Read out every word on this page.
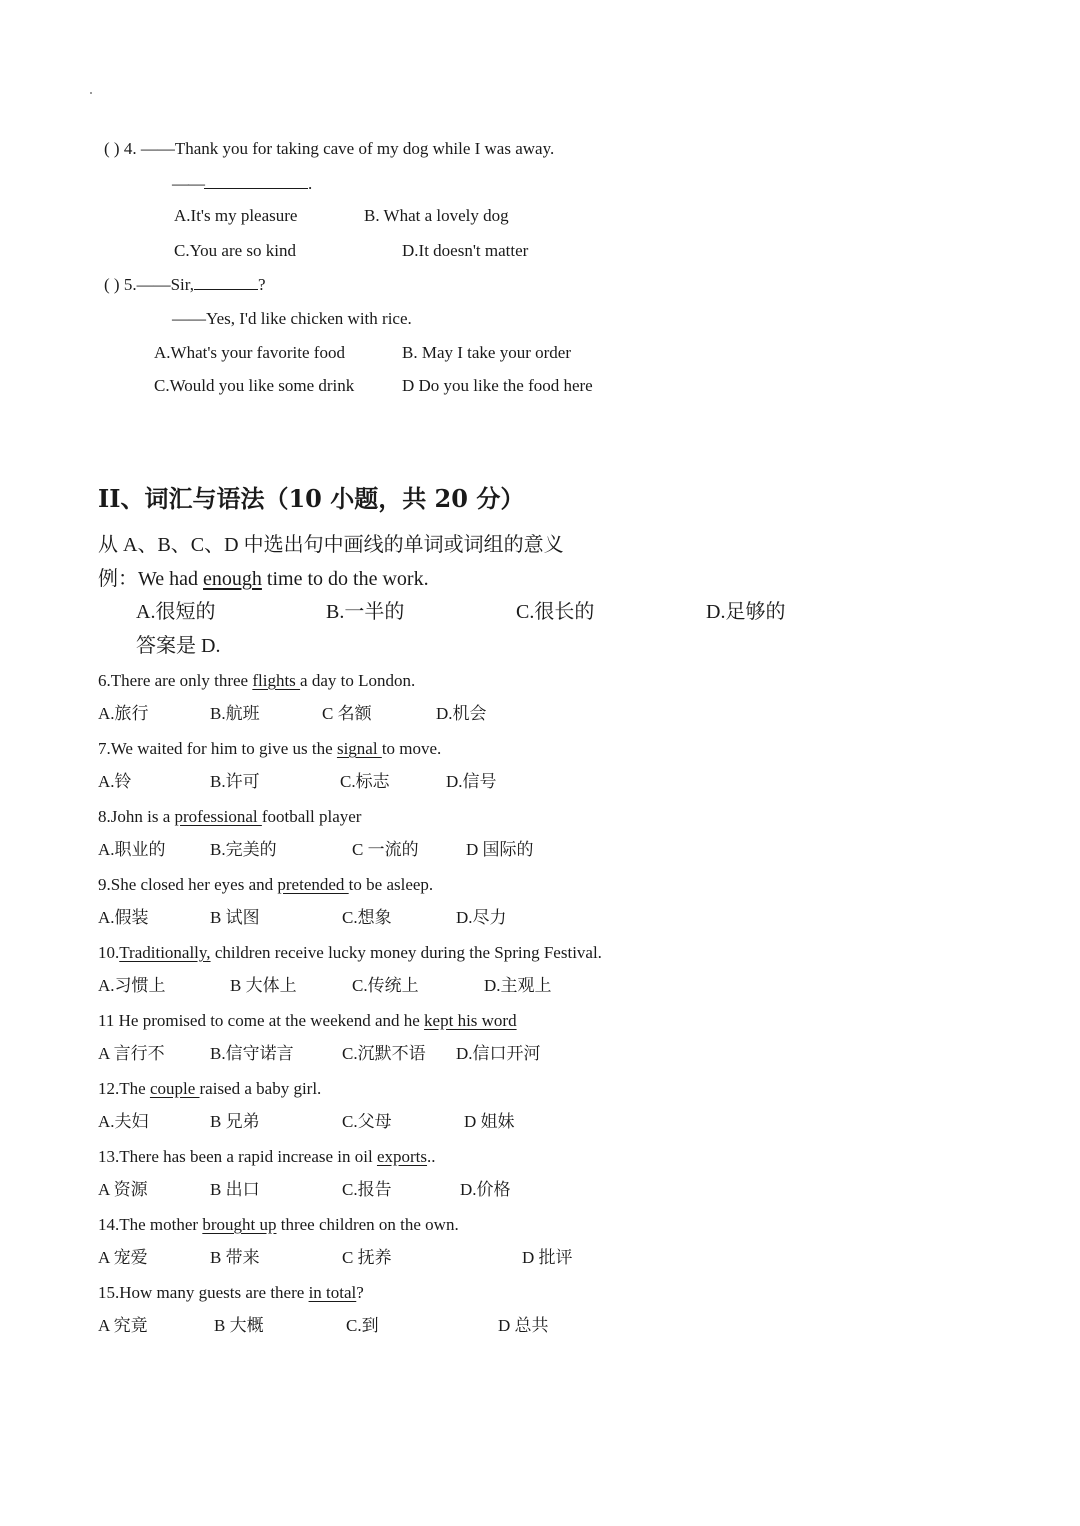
( ) 4. ——Thank you for taking cave of my dog while I was away.
——	.
A.It's my pleasure	B. What a lovely dog
C.You are so kind	D.It doesn't matter
( ) 5.——Sir,	?
——Yes, I'd like chicken with rice.
A.What's your favorite food	B. May I take your order
C.Would you like some drink	D Do you like the food here
II、词汇与语法（10 小题，共 20 分）
从 A、B、C、D 中选出句中画线的单词或词组的意义
例：We had enough time to do the work.
A.很短的	B.一半的	C.很长的	D.足够的
答案是 D.
6.There are only three flights a day to London.
A.旅行	B.航班	C 名额	D.机会
7.We waited for him to give us the signal to move.
A.铃	B.许可	C.标志	D.信号
8.John is a professional football player
A.职业的	B.完美的	C 一流的	D 国际的
9.She closed her eyes and pretended to be asleep.
A.假装	B 试图	C.想象	D.尽力
10.Traditionally, children receive lucky money during the Spring Festival.
A.习惯上	B 大体上	C.传统上	D.主观上
11 He promised to come at the weekend and he kept his word
A 言行不	B.信守诺言	C.沉默不语 D.信口开河
12.The couple raised a baby girl.
A.夫妇	B 兄弟	C.父母	D 姐妹
13.There has been a rapid increase in oil exports..
A 资源	B 出口	C.报告	D.价格
14.The mother brought up three children on the own.
A 宠爱	B 带来	C 抚养	D 批评
15.How many guests are there in total?
A 究竟	B 大概	C.到	D 总共
